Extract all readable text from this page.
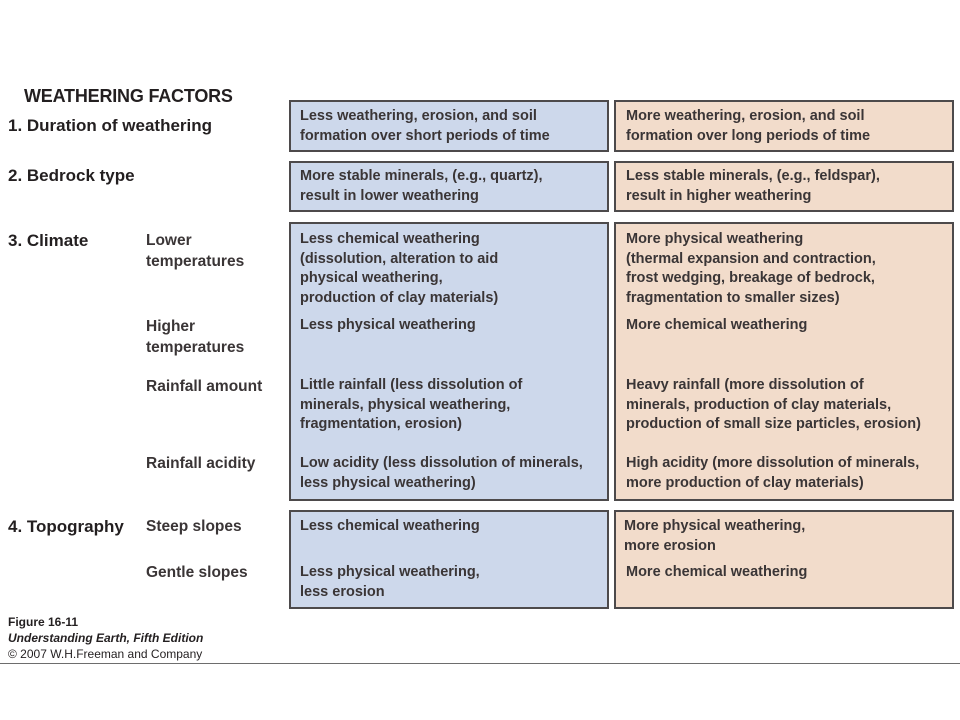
WEATHERING FACTORS
1. Duration of weathering
2. Bedrock type
3. Climate
4. Topography
Lower
temperatures
Higher
temperatures
Rainfall amount
Rainfall acidity
Steep slopes
Gentle slopes
Less weathering, erosion, and soil
formation over short periods of time
More stable minerals, (e.g., quartz),
result in lower weathering
Less chemical weathering
(dissolution, alteration to aid
physical weathering,
production of clay materials)
Less physical weathering
Little rainfall (less dissolution of
minerals, physical weathering,
fragmentation, erosion)
Low acidity (less dissolution of minerals,
less physical weathering)
Less chemical weathering
Less physical weathering,
less erosion
More weathering, erosion, and soil
formation over long periods of time
Less stable minerals, (e.g., feldspar),
result in higher weathering
More physical weathering
(thermal expansion and contraction,
frost wedging, breakage of bedrock,
fragmentation to smaller sizes)
More chemical weathering
Heavy rainfall (more dissolution of
minerals, production of clay materials,
production of small size particles, erosion)
High acidity (more dissolution of minerals,
more production of clay materials)
More physical weathering,
more erosion
More chemical weathering
Figure 16-11
Understanding Earth, Fifth Edition
© 2007 W.H.Freeman and Company
